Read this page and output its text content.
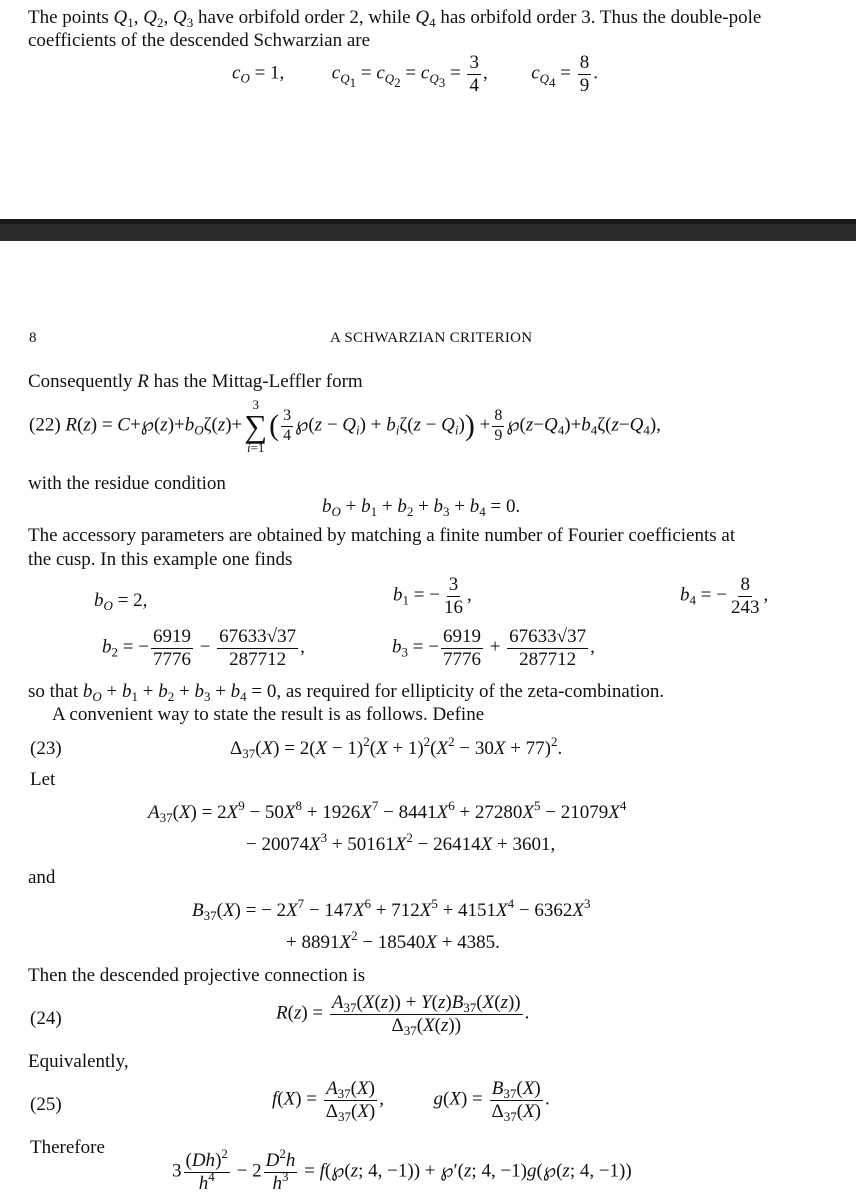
The points $Q_1$, $Q_2$, $Q_3$ have orbifold order 2, while $Q_4$ has orbifold order 3. Thus the double-pole
coefficients of the descended Schwarzian are
$c_O = 1$,  $c_{Q_1} = c_{Q_2} = c_{Q_3} = \frac{3}{4}$ ,  $c_{Q_4} = \frac{8}{9}$ .
8	A SCHWARZIAN CRITERION
Consequently R has the Mittag-Leffler form
(22) $R(z) = C+℘(z)+b_O\zeta(z)+$
3
∑
i=1
( $\frac{3}{4}$ ℘(z − $Q_i) + b_i\zeta(z - Q_i)) + \frac{8}{9}$ $℘(z-Q_4)+b_4\zeta(z-Q_4)$,
with the residue condition
$b_O + b_1 + b_2 + b_3 + b_4 = 0$.
The accessory parameters are obtained by matching a finite number of Fourier coefficients at
the cusp. In this example one finds
$b_O = 2$,	$b_1$ = − $\frac{3}{16}$ ,	$b_4$ = − $\frac{8}{243}$ ,
$b_2$ = − $\frac{6919}{7776} - \frac{67633√37}{287712}$ ,	$b_3$ = − $\frac{6919}{7776} + \frac{67633√37}{287712}$ ,
so that $b_O + b_1 + b_2 + b_3 + b_4 = 0$, as required for ellipticity of the zeta-combination.
A convenient way to state the result is as follows. Define
(23)	$\Delta_{37}(X) = 2(X - 1)^2(X + 1)^2(X^2 - 30X + 77)^2$.
Let
$A_{37}(X) = 2X^9 - 50X^8 + 1926X^7 - 8441X^6 + 27280X^5 - 21079X^4$
− $20074X^3 + 50161X^2 - 26414X + 3601$,
and
$B_{37}(X)$ = − $2X^7 - 147X^6 + 712X^5 + 4151X^4 - 6362X^3$
+ $8891X^2 - 18540X + 4385$.
Then the descended projective connection is
(24)	$R(z) = \frac{A_{37}(X(z)) + Y(z)B_{37}(X(z))}{\Delta_{37}(X(z))}$ .
Equivalently,
(25)	$f(X) = \frac{A_{37}(X)}{\Delta_{37}(X)}$ ,  $g(X) = \frac{B_{37}(X)}{\Delta_{37}(X)}$ .
Therefore
$3 \frac{(Dh)^2}{h^4} - 2 \frac{D^2h}{h^3}$ = f(℘(z; 4, −1)) + ℘′(z; 4, −1)g(℘(z; 4, −1))
